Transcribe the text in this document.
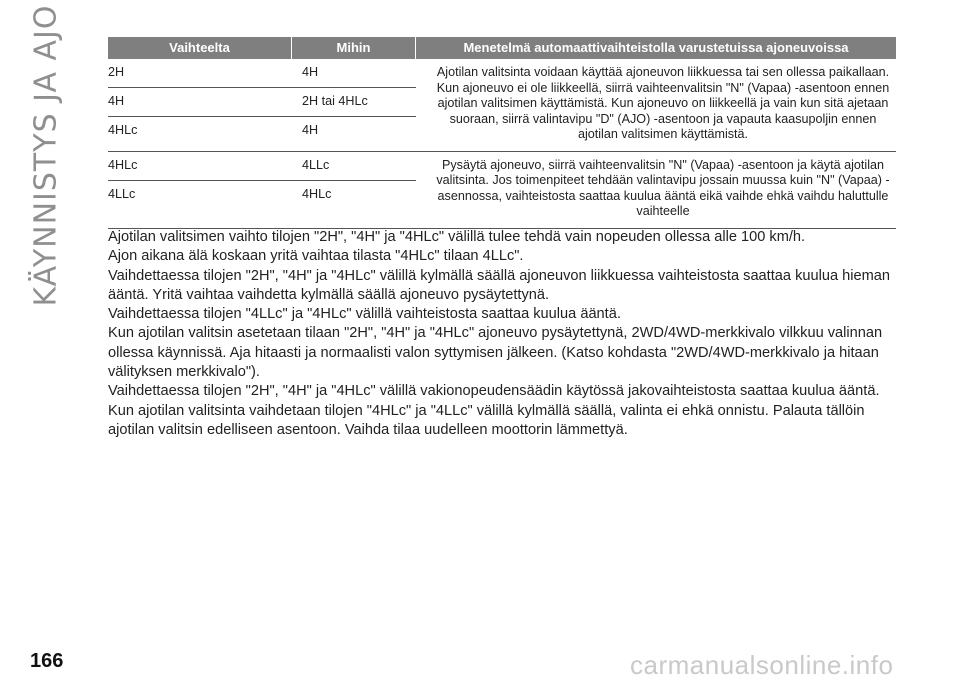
KÄYNNISTYS JA AJO	Vaihteelta	Mihin	Menetelmä automaattivaihteistolla varustetuissa ajoneuvoissa
2H	4H
4H	2H tai 4HLc
4HLc	4H
Ajotilan valitsinta voidaan käyttää ajoneuvon liikkuessa tai sen ollessa paikallaan. Kun ajoneuvo ei ole liikkeellä, siirrä vaihteenvalitsin "N" (Vapaa) -asentoon ennen ajotilan valitsimen käyttämistä. Kun ajoneuvo on liikkeellä ja vain kun sitä ajetaan suoraan, siirrä valintavipu "D" (AJO) -asentoon ja vapauta kaasupoljin ennen ajotilan valitsimen käyttämistä.
4HLc	4LLc
4LLc	4HLc
Pysäytä ajoneuvo, siirrä vaihteenvalitsin "N" (Vapaa) -asentoon ja käytä ajotilan valitsinta. Jos toimenpiteet tehdään valintavipu jossain muussa kuin "N" (Vapaa) -asennossa, vaihteistosta saattaa kuulua ääntä eikä vaihde ehkä vaihdu haluttulle vaihteelle

Ajotilan valitsimen vaihto tilojen "2H", "4H" ja "4HLc" välillä tulee tehdä vain nopeuden ollessa alle 100 km/h.

Ajon aikana älä koskaan yritä vaihtaa tilasta "4HLc" tilaan 4LLc".

Vaihdettaessa tilojen "2H", "4H" ja "4HLc" välillä kylmällä säällä ajoneuvon liikkuessa vaihteistosta saattaa kuulua hieman ääntä. Yritä vaihtaa vaihdetta kylmällä säällä ajoneuvo pysäytettynä.

Vaihdettaessa tilojen "4LLc" ja "4HLc" välillä vaihteistosta saattaa kuulua ääntä.

Kun ajotilan valitsin asetetaan tilaan "2H", "4H" ja "4HLc" ajoneuvo pysäytettynä, 2WD/4WD-merkkivalo vilkkuu valinnan ollessa käynnissä. Aja hitaasti ja normaalisti valon syttymisen jälkeen. (Katso kohdasta "2WD/4WD-merkkivalo ja hitaan välityksen merkkivalo").

Vaihdettaessa tilojen "2H", "4H" ja "4HLc" välillä vakionopeudensäädin käytössä jakovaihteistosta saattaa kuulua ääntä.

Kun ajotilan valitsinta vaihdetaan tilojen "4HLc" ja "4LLc" välillä kylmällä säällä, valinta ei ehkä onnistu. Palauta tällöin ajotilan valitsin edelliseen asentoon. Vaihda tilaa uudelleen moottorin lämmettyä.

166	carmanualsonline.info
